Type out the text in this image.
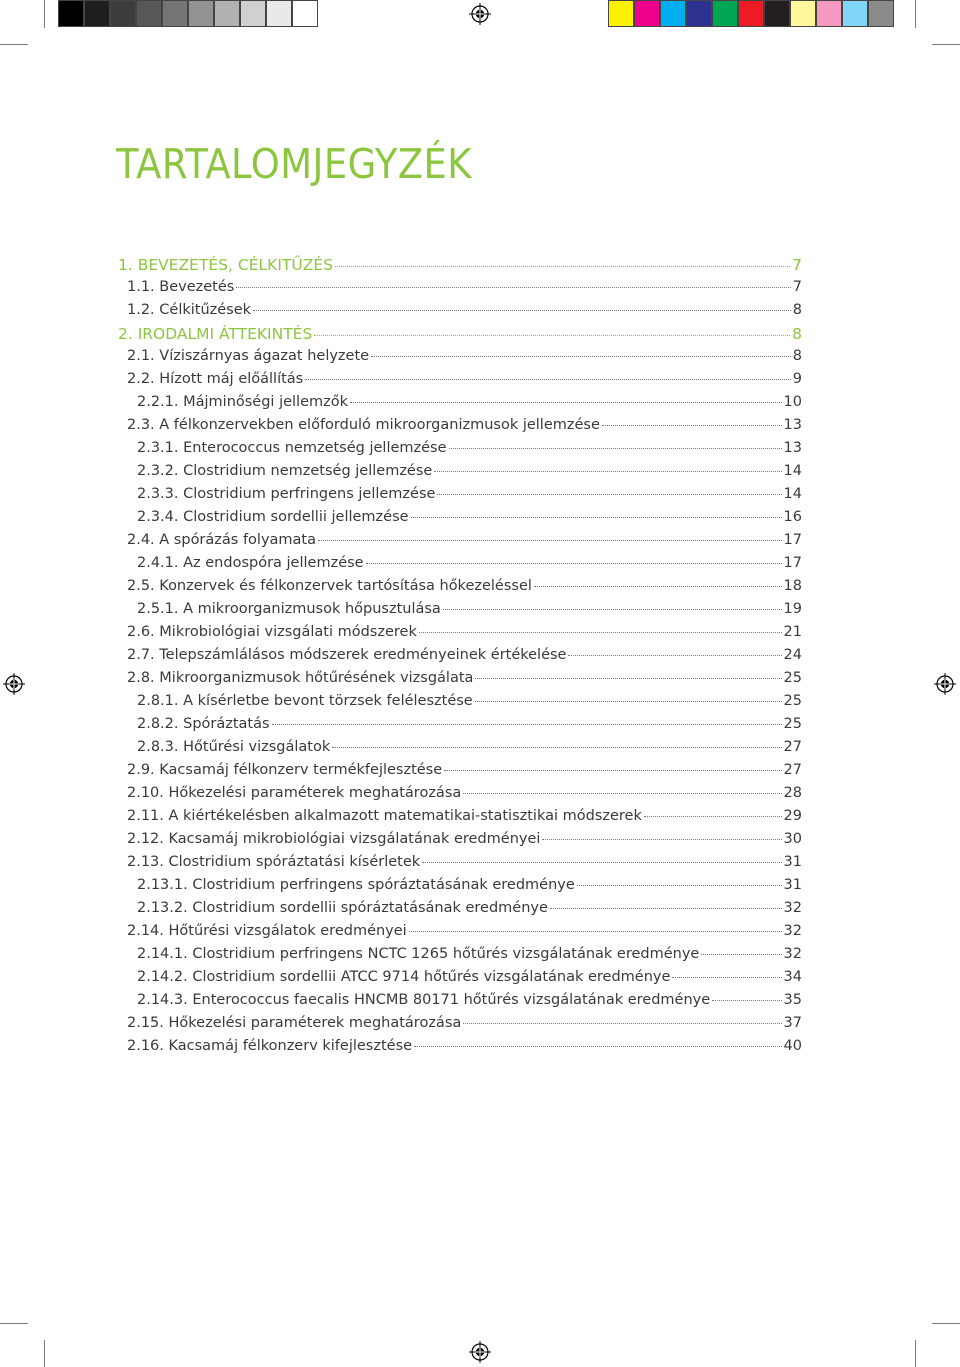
TARTALOMJEGYZÉK
1. BEVEZETÉS, CÉLKITŰZÉS	7
1.1. Bevezetés	7
1.2. Célkitűzések	8
2. IRODALMI ÁTTEKINTÉS	8
2.1. Víziszárnyas ágazat helyzete	8
2.2. Hízott máj előállítás	9
2.2.1. Májminőségi jellemzők	10
2.3. A félkonzervekben előforduló mikroorganizmusok jellemzése	13
2.3.1. Enterococcus nemzetség jellemzése	13
2.3.2. Clostridium nemzetség jellemzése	14
2.3.3. Clostridium perfringens jellemzése	14
2.3.4. Clostridium sordellii jellemzése	16
2.4. A spórázás folyamata	17
2.4.1. Az endospóra jellemzése	17
2.5. Konzervek és félkonzervek tartósítása hőkezeléssel	18
2.5.1. A mikroorganizmusok hőpusztulása	19
2.6. Mikrobiológiai vizsgálati módszerek	21
2.7. Telepszámlálásos módszerek eredményeinek értékelése	24
2.8. Mikroorganizmusok hőtűrésének vizsgálata	25
2.8.1. A kísérletbe bevont törzsek felélesztése	25
2.8.2. Spóráztatás	25
2.8.3. Hőtűrési vizsgálatok	27
2.9. Kacsamáj félkonzerv termékfejlesztése	27
2.10. Hőkezelési paraméterek meghatározása	28
2.11. A kiértékelésben alkalmazott matematikai-statisztikai módszerek	29
2.12. Kacsamáj mikrobiológiai vizsgálatának eredményei	30
2.13. Clostridium spóráztatási kísérletek	31
2.13.1. Clostridium perfringens spóráztatásának eredménye	31
2.13.2. Clostridium sordellii spóráztatásának eredménye	32
2.14. Hőtűrési vizsgálatok eredményei	32
2.14.1. Clostridium perfringens NCTC 1265 hőtűrés vizsgálatának eredménye	32
2.14.2. Clostridium sordellii ATCC 9714 hőtűrés vizsgálatának eredménye	34
2.14.3. Enterococcus faecalis HNCMB 80171 hőtűrés vizsgálatának eredménye	35
2.15. Hőkezelési paraméterek meghatározása	37
2.16. Kacsamáj félkonzerv kifejlesztése	40
